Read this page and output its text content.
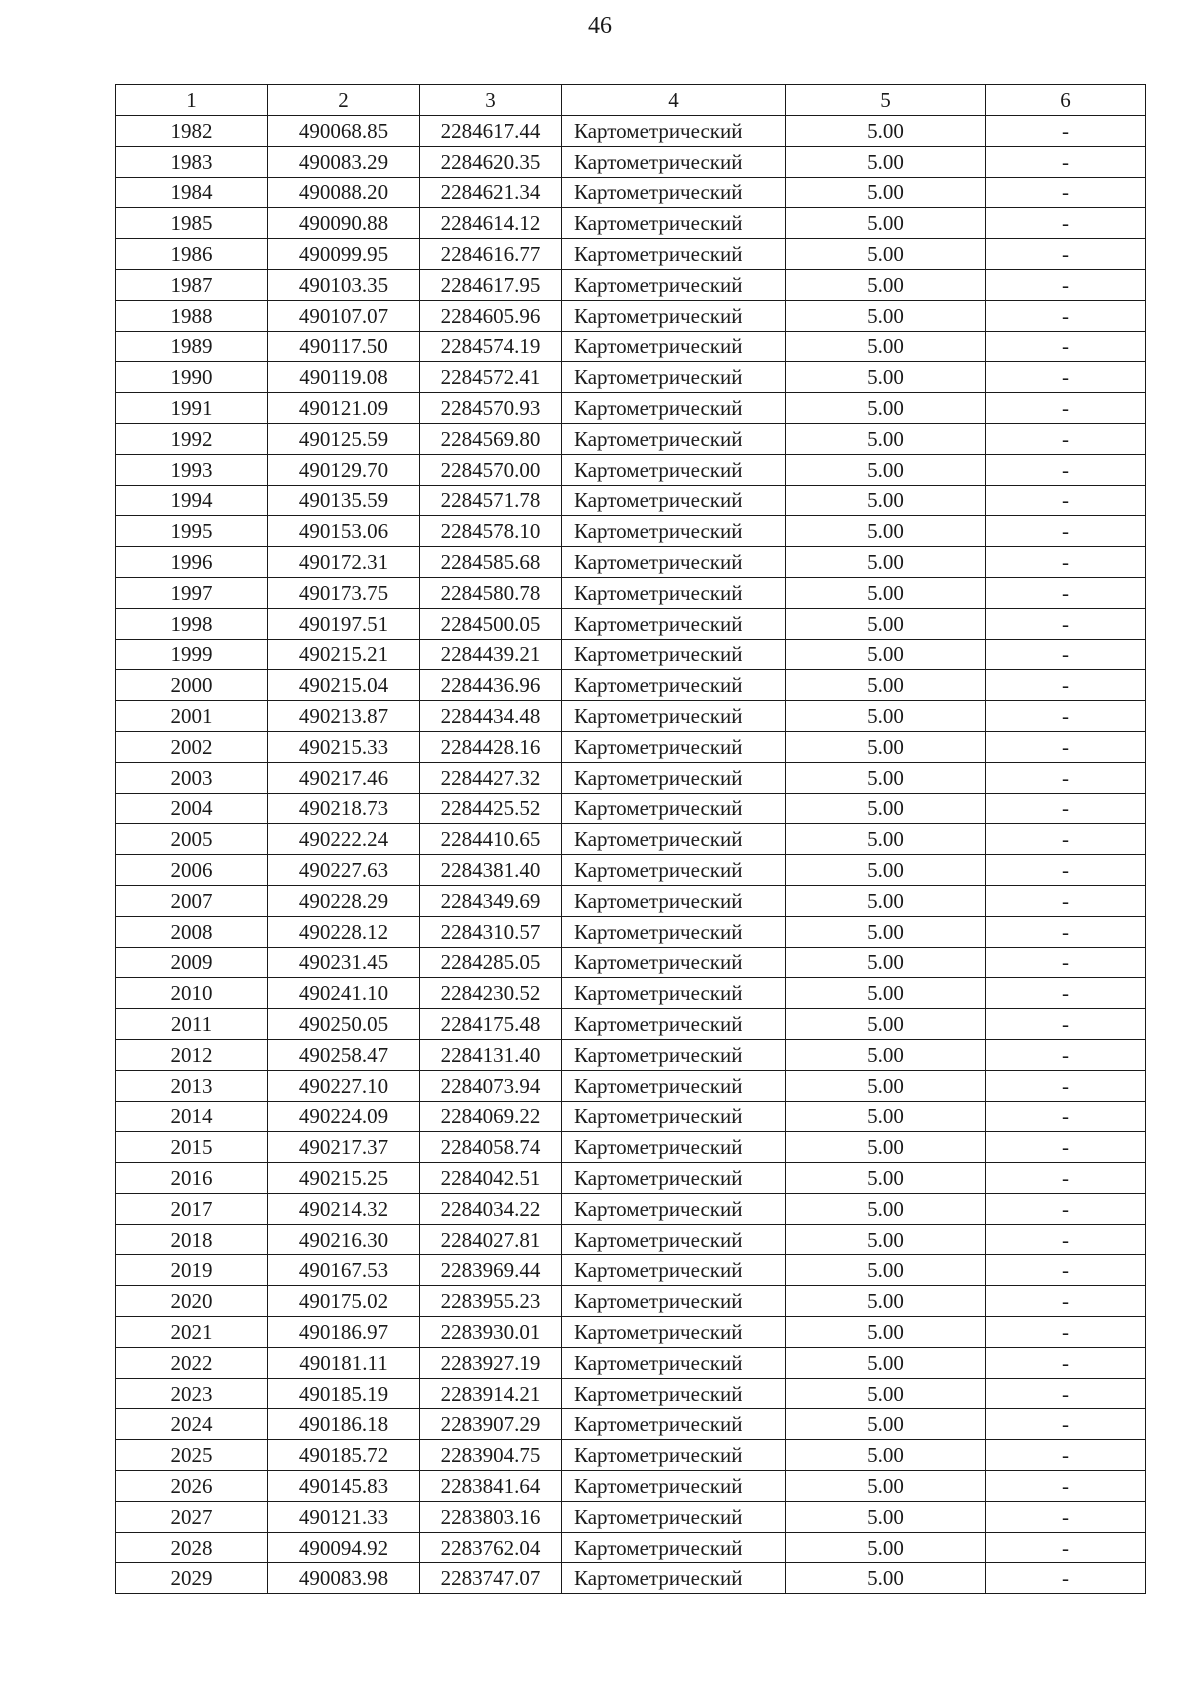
46
1	2	3	4	5	6
1982	490068.85	2284617.44	Картометрический	5.00	-
1983	490083.29	2284620.35	Картометрический	5.00	-
1984	490088.20	2284621.34	Картометрический	5.00	-
1985	490090.88	2284614.12	Картометрический	5.00	-
1986	490099.95	2284616.77	Картометрический	5.00	-
1987	490103.35	2284617.95	Картометрический	5.00	-
1988	490107.07	2284605.96	Картометрический	5.00	-
1989	490117.50	2284574.19	Картометрический	5.00	-
1990	490119.08	2284572.41	Картометрический	5.00	-
1991	490121.09	2284570.93	Картометрический	5.00	-
1992	490125.59	2284569.80	Картометрический	5.00	-
1993	490129.70	2284570.00	Картометрический	5.00	-
1994	490135.59	2284571.78	Картометрический	5.00	-
1995	490153.06	2284578.10	Картометрический	5.00	-
1996	490172.31	2284585.68	Картометрический	5.00	-
1997	490173.75	2284580.78	Картометрический	5.00	-
1998	490197.51	2284500.05	Картометрический	5.00	-
1999	490215.21	2284439.21	Картометрический	5.00	-
2000	490215.04	2284436.96	Картометрический	5.00	-
2001	490213.87	2284434.48	Картометрический	5.00	-
2002	490215.33	2284428.16	Картометрический	5.00	-
2003	490217.46	2284427.32	Картометрический	5.00	-
2004	490218.73	2284425.52	Картометрический	5.00	-
2005	490222.24	2284410.65	Картометрический	5.00	-
2006	490227.63	2284381.40	Картометрический	5.00	-
2007	490228.29	2284349.69	Картометрический	5.00	-
2008	490228.12	2284310.57	Картометрический	5.00	-
2009	490231.45	2284285.05	Картометрический	5.00	-
2010	490241.10	2284230.52	Картометрический	5.00	-
2011	490250.05	2284175.48	Картометрический	5.00	-
2012	490258.47	2284131.40	Картометрический	5.00	-
2013	490227.10	2284073.94	Картометрический	5.00	-
2014	490224.09	2284069.22	Картометрический	5.00	-
2015	490217.37	2284058.74	Картометрический	5.00	-
2016	490215.25	2284042.51	Картометрический	5.00	-
2017	490214.32	2284034.22	Картометрический	5.00	-
2018	490216.30	2284027.81	Картометрический	5.00	-
2019	490167.53	2283969.44	Картометрический	5.00	-
2020	490175.02	2283955.23	Картометрический	5.00	-
2021	490186.97	2283930.01	Картометрический	5.00	-
2022	490181.11	2283927.19	Картометрический	5.00	-
2023	490185.19	2283914.21	Картометрический	5.00	-
2024	490186.18	2283907.29	Картометрический	5.00	-
2025	490185.72	2283904.75	Картометрический	5.00	-
2026	490145.83	2283841.64	Картометрический	5.00	-
2027	490121.33	2283803.16	Картометрический	5.00	-
2028	490094.92	2283762.04	Картометрический	5.00	-
2029	490083.98	2283747.07	Картометрический	5.00	-
